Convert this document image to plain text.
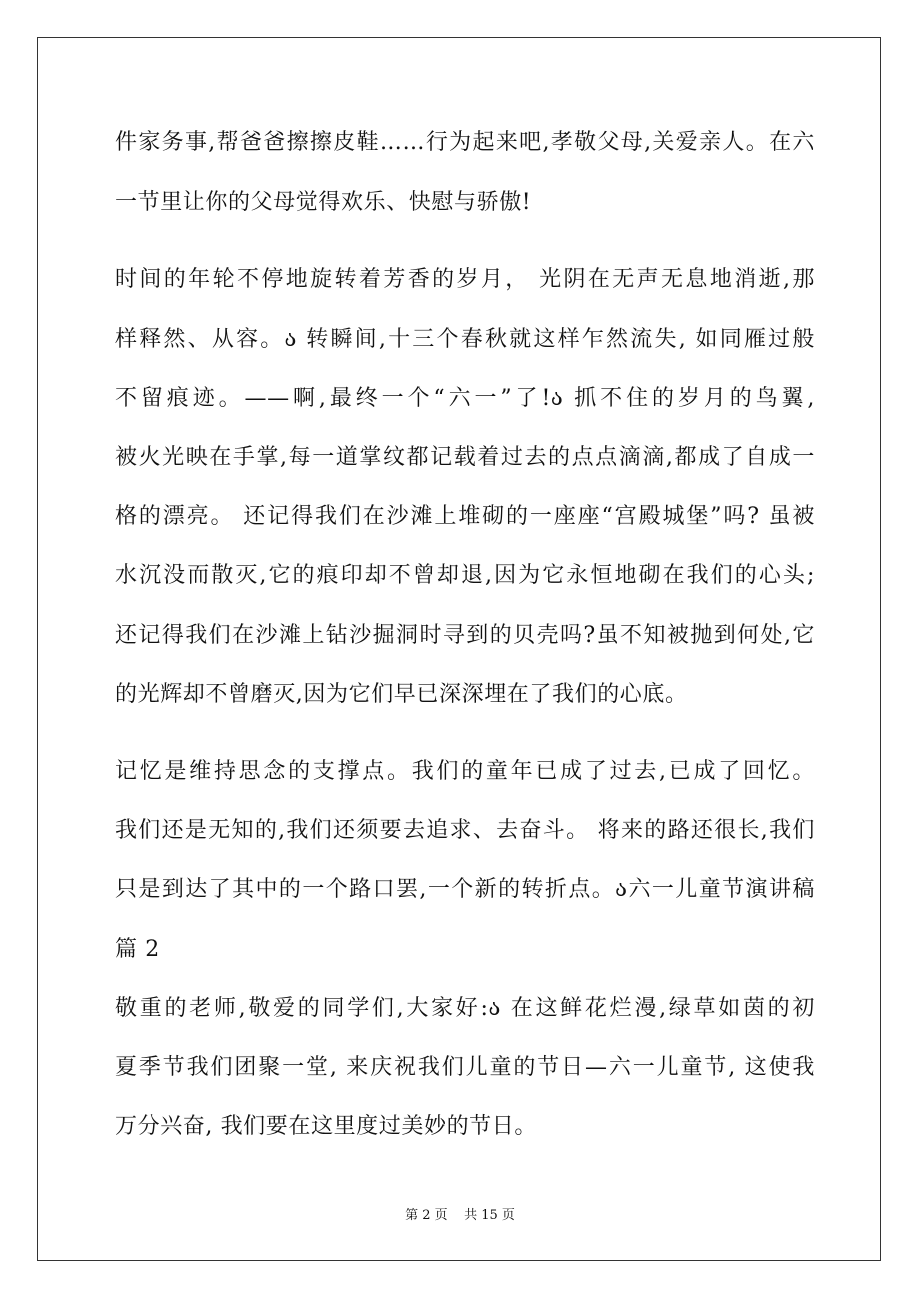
件家务事,帮爸爸擦擦皮鞋……行为起来吧,孝敬父母,关爱亲人。在六
一节里让你的父母觉得欢乐、快慰与骄傲!
时间的年轮不停地旋转着芳香的岁月， 光阴在无声无息地消逝,那
样释然、从容。ა 转瞬间,十三个春秋就这样乍然流失, 如同雁过般
不留痕迹。——啊,最终一个“六一”了!ა 抓不住的岁月的鸟翼,
被火光映在手掌,每一道掌纹都记载着过去的点点滴滴,都成了自成一
格的漂亮。 还记得我们在沙滩上堆砌的一座座“宫殿城堡”吗? 虽被
水沉没而散灭,它的痕印却不曾却退,因为它永恒地砌在我们的心头;
还记得我们在沙滩上钻沙掘洞时寻到的贝壳吗?虽不知被抛到何处,它
的光辉却不曾磨灭,因为它们早已深深埋在了我们的心底。
记忆是维持思念的支撑点。我们的童年已成了过去,已成了回忆。
我们还是无知的,我们还须要去追求、去奋斗。 将来的路还很长,我们
只是到达了其中的一个路口罢,一个新的转折点。ა六一儿童节演讲稿
篇 2
敬重的老师,敬爱的同学们,大家好:ა 在这鲜花烂漫,绿草如茵的初
夏季节我们团聚一堂, 来庆祝我们儿童的节日—六一儿童节, 这使我
万分兴奋, 我们要在这里度过美妙的节日。
第 2 页    共 15 页
